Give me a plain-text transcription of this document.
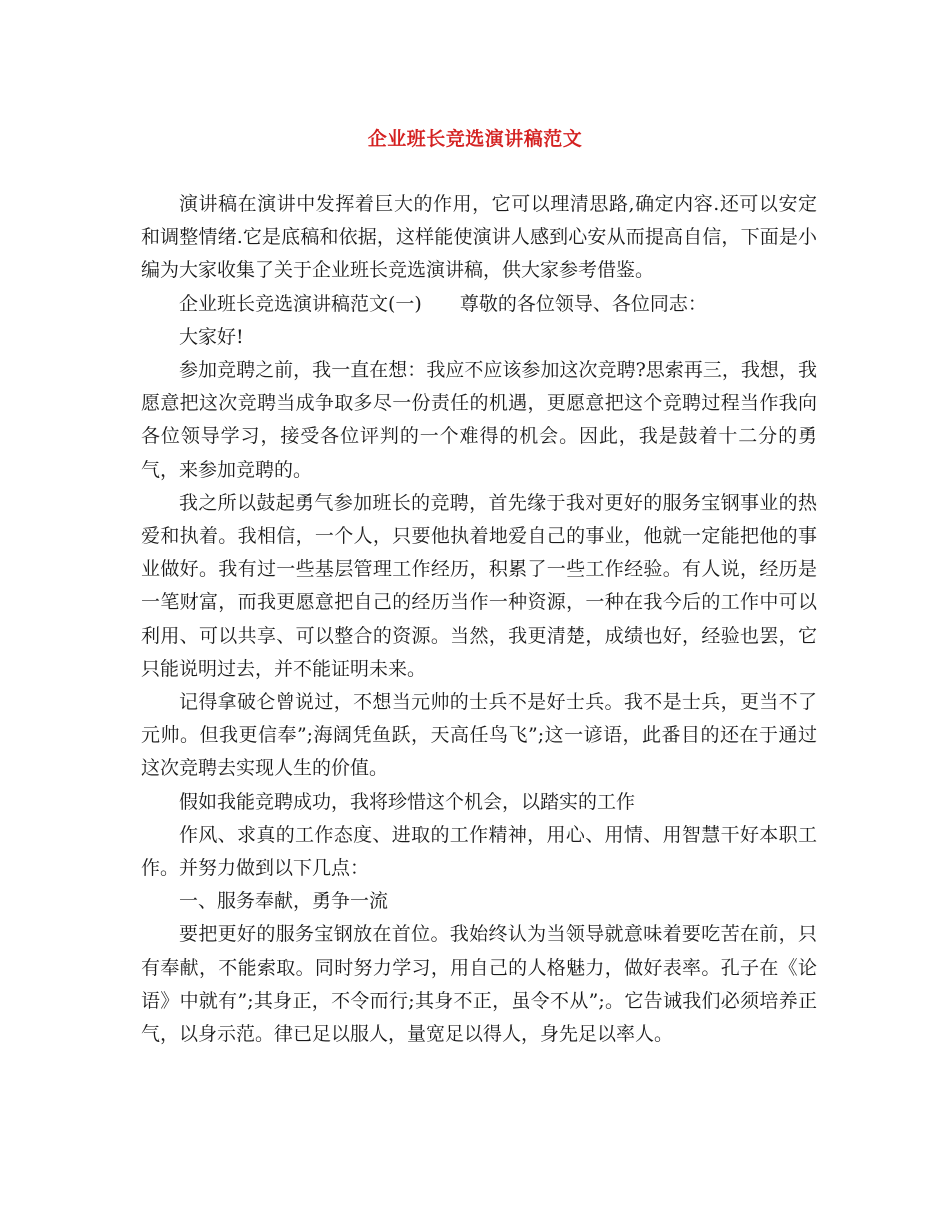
企业班长竞选演讲稿范文

演讲稿在演讲中发挥着巨大的作用，它可以理清思路,确定内容.还可以安定和调整情绪.它是底稿和依据，这样能使演讲人感到心安从而提高自信，下面是小编为大家收集了关于企业班长竞选演讲稿，供大家参考借鉴。

企业班长竞选演讲稿范文(一)　　尊敬的各位领导、各位同志：

大家好!

参加竞聘之前，我一直在想：我应不应该参加这次竞聘?思索再三，我想，我愿意把这次竞聘当成争取多尽一份责任的机遇，更愿意把这个竞聘过程当作我向各位领导学习，接受各位评判的一个难得的机会。因此，我是鼓着十二分的勇气，来参加竞聘的。

我之所以鼓起勇气参加班长的竞聘，首先缘于我对更好的服务宝钢事业的热爱和执着。我相信，一个人，只要他执着地爱自己的事业，他就一定能把他的事业做好。我有过一些基层管理工作经历，积累了一些工作经验。有人说，经历是一笔财富，而我更愿意把自己的经历当作一种资源，一种在我今后的工作中可以利用、可以共享、可以整合的资源。当然，我更清楚，成绩也好，经验也罢，它只能说明过去，并不能证明未来。

记得拿破仑曾说过，不想当元帅的士兵不是好士兵。我不是士兵，更当不了元帅。但我更信奉”;海阔凭鱼跃，天高任鸟飞”;这一谚语，此番目的还在于通过这次竞聘去实现人生的价值。

假如我能竞聘成功，我将珍惜这个机会，以踏实的工作

作风、求真的工作态度、进取的工作精神，用心、用情、用智慧干好本职工作。并努力做到以下几点：

一、服务奉献，勇争一流

要把更好的服务宝钢放在首位。我始终认为当领导就意味着要吃苦在前，只有奉献，不能索取。同时努力学习，用自己的人格魅力，做好表率。孔子在《论语》中就有”;其身正，不令而行;其身不正，虽令不从”;。它告诫我们必须培养正气，以身示范。律已足以服人，量宽足以得人，身先足以率人。
